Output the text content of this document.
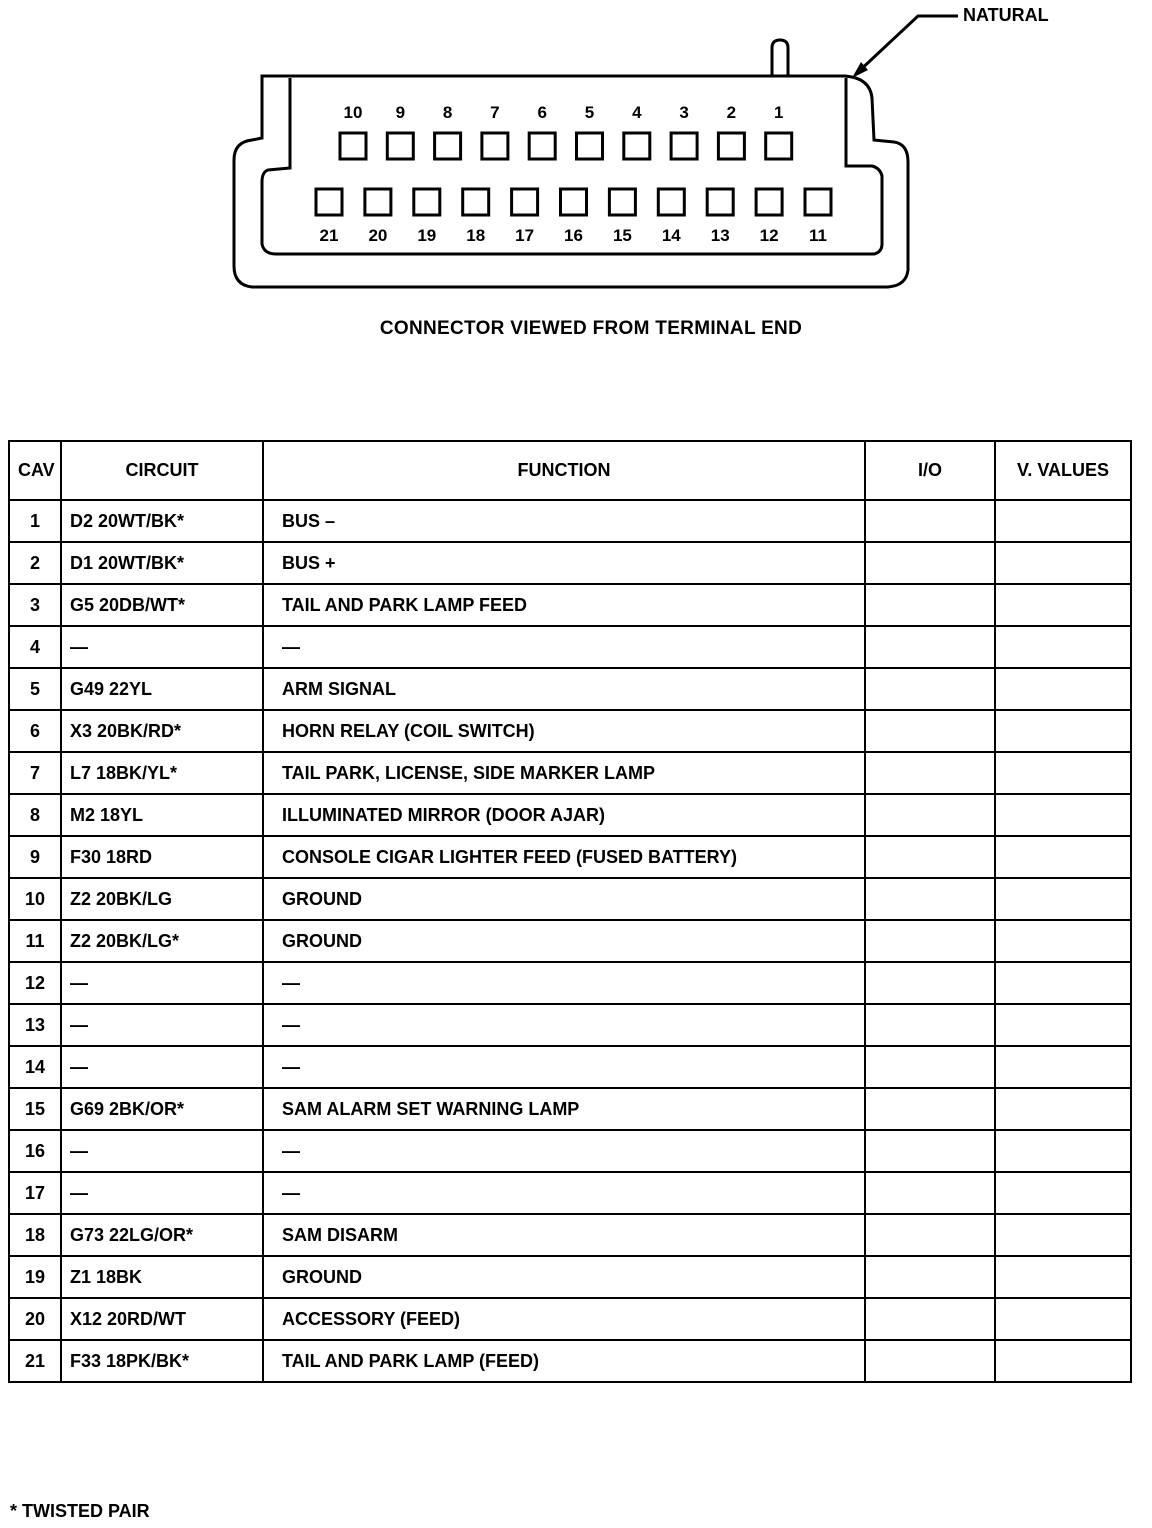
NATURAL
10 9 8 7 6 5 4 3 2 1
21 20 19 18 17 16 15 14 13 12 11
CONNECTOR VIEWED FROM TERMINAL END
CAV	CIRCUIT	FUNCTION	I/O	V. VALUES
1	D2 20WT/BK*	BUS –		
2	D1 20WT/BK*	BUS +		
3	G5 20DB/WT*	TAIL AND PARK LAMP FEED		
4	—	—		
5	G49 22YL	ARM SIGNAL		
6	X3 20BK/RD*	HORN RELAY (COIL SWITCH)		
7	L7 18BK/YL*	TAIL PARK, LICENSE, SIDE MARKER LAMP		
8	M2 18YL	ILLUMINATED MIRROR (DOOR AJAR)		
9	F30 18RD	CONSOLE CIGAR LIGHTER FEED (FUSED BATTERY)		
10	Z2 20BK/LG	GROUND		
11	Z2 20BK/LG*	GROUND		
12	—	—		
13	—	—		
14	—	—		
15	G69 2BK/OR*	SAM ALARM SET WARNING LAMP		
16	—	—		
17	—	—		
18	G73 22LG/OR*	SAM DISARM		
19	Z1 18BK	GROUND		
20	X12 20RD/WT	ACCESSORY (FEED)		
21	F33 18PK/BK*	TAIL AND PARK LAMP (FEED)		
* TWISTED PAIR
